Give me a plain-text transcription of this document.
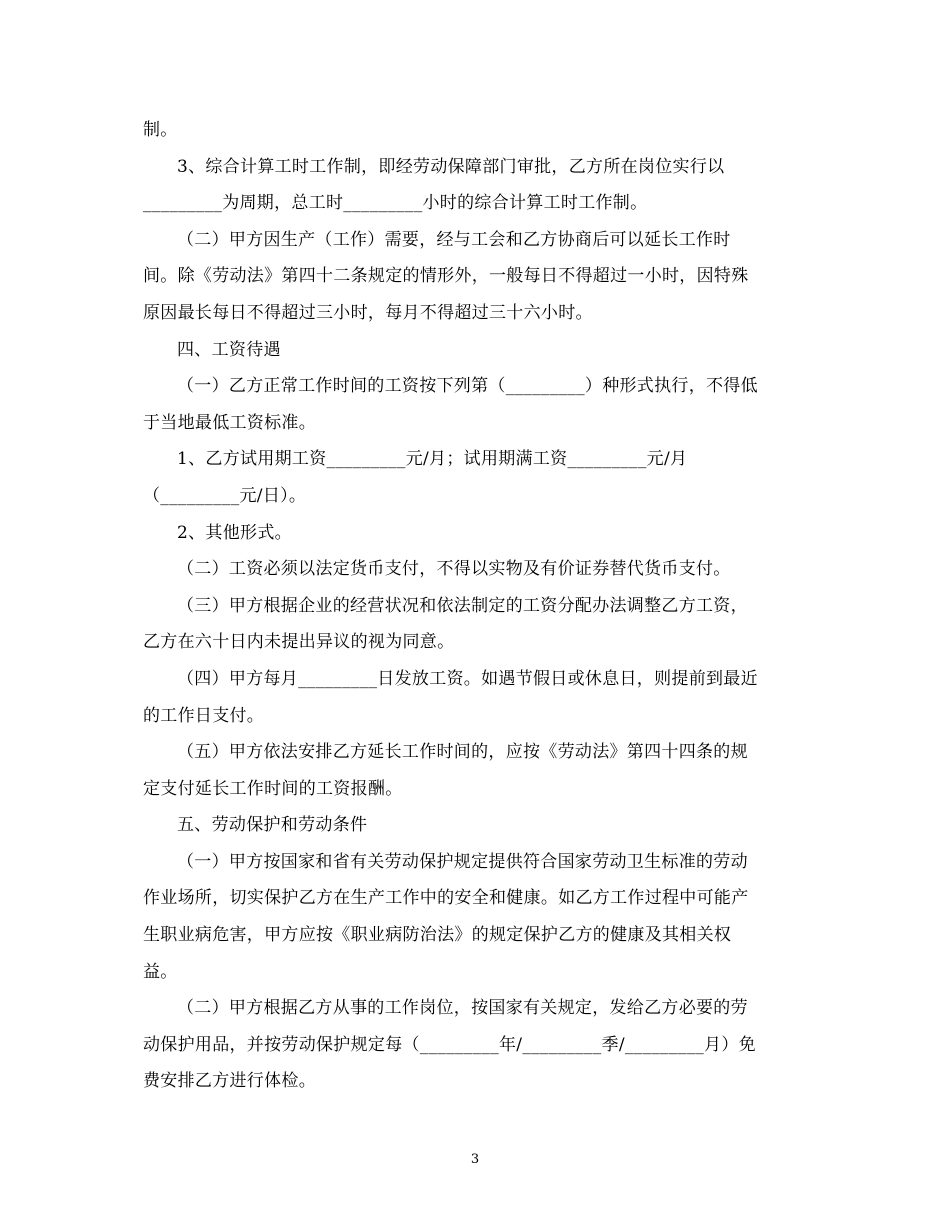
制。
3、综合计算工时工作制，即经劳动保障部门审批，乙方所在岗位实行以
_________为周期，总工时_________小时的综合计算工时工作制。
（二）甲方因生产（工作）需要，经与工会和乙方协商后可以延长工作时
间。除《劳动法》第四十二条规定的情形外，一般每日不得超过一小时，因特殊
原因最长每日不得超过三小时，每月不得超过三十六小时。
四、工资待遇
（一）乙方正常工作时间的工资按下列第（_________）种形式执行，不得低
于当地最低工资标准。
1、乙方试用期工资_________元/月；试用期满工资_________元/月
（_________元/日）。
2、其他形式。
（二）工资必须以法定货币支付，不得以实物及有价证券替代货币支付。
（三）甲方根据企业的经营状况和依法制定的工资分配办法调整乙方工资，
乙方在六十日内未提出异议的视为同意。
（四）甲方每月_________日发放工资。如遇节假日或休息日，则提前到最近
的工作日支付。
（五）甲方依法安排乙方延长工作时间的，应按《劳动法》第四十四条的规
定支付延长工作时间的工资报酬。
五、劳动保护和劳动条件
（一）甲方按国家和省有关劳动保护规定提供符合国家劳动卫生标准的劳动
作业场所，切实保护乙方在生产工作中的安全和健康。如乙方工作过程中可能产
生职业病危害，甲方应按《职业病防治法》的规定保护乙方的健康及其相关权
益。
（二）甲方根据乙方从事的工作岗位，按国家有关规定，发给乙方必要的劳
动保护用品，并按劳动保护规定每（_________年/_________季/_________月）免
费安排乙方进行体检。
3
